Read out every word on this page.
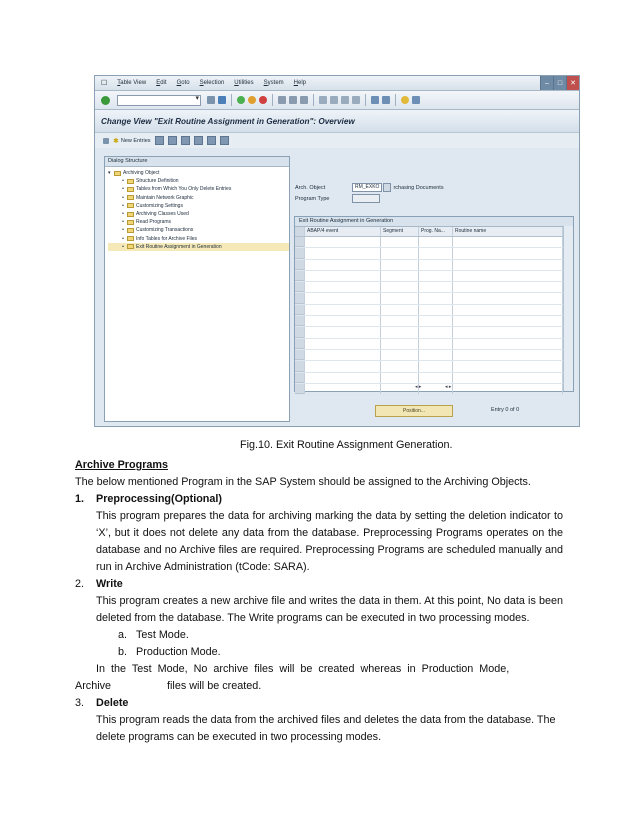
☐ Table View Edit Goto Selection Utilities System Help	–	□	✕
▾
Change View "Exit Routine Assignment in Generation": Overview
✱ New Entries
Dialog Structure
▾	Archiving Object
•	Structure Definition
•	Tables from Which You Only Delete Entries
•	Maintain Network Graphic
•	Customizing Settings
•	Archiving Classes Used
•	Read Programs
•	Customizing Transactions
•	Info Tables for Archive Files
•	Exit Routine Assignment in Generation
Arch. Object	RM_EXKO	rchasing Documents
Program Type
Exit Routine Assignment in Generation
ABAP/4 event	Segment	Prog. Na...	Routine name
◂ ▸                 ◂ ▸
Position...	Entry 0 of 0
Fig.10. Exit Routine Assignment Generation.
Archive Programs
The below mentioned Program in the SAP System should be assigned to the Archiving Objects.
1. Preprocessing(Optional)
This program prepares the data for archiving marking the data by setting the deletion indicator to ‘X’, but it does not delete any data from the database. Preprocessing Programs operates on the database and no Archive files are required. Preprocessing Programs are scheduled manually and run in Archive Administration (tCode: SARA).
2. Write
This program creates a new archive file and writes the data in them. At this point, No data is been deleted from the database. The Write programs can be executed in two processing modes.
a. Test Mode.
b. Production Mode.
In  the  Test  Mode,  No  archive  files  will  be  created  whereas  in  Production  Mode,
Archive	files will be created.
3. Delete
This program reads the data from the archived files and deletes the data from the database. The delete programs can be executed in two processing modes.
